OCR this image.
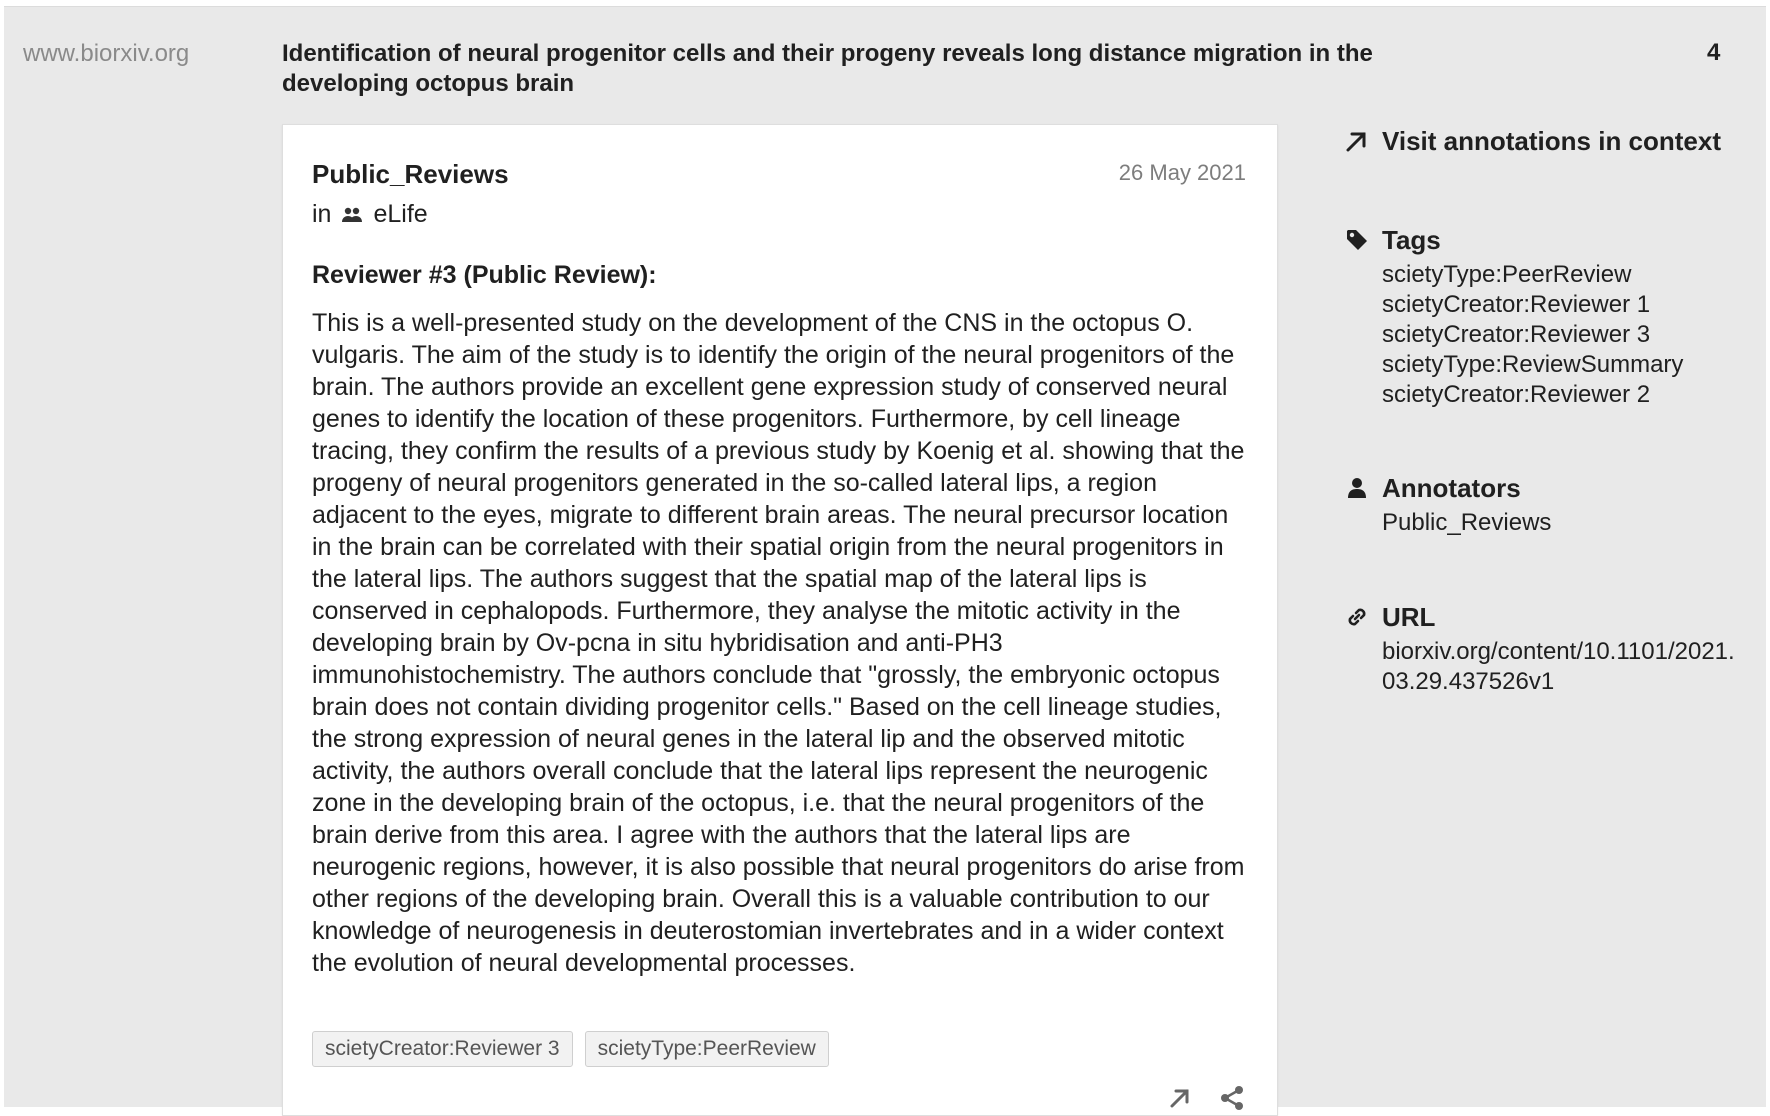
www.biorxiv.org	Identification of neural progenitor cells and their progeny reveals long distance migration in the developing octopus brain
4
Public_Reviews	26 May 2021
in eLife
Reviewer #3 (Public Review):
This is a well-presented study on the development of the CNS in the octopus O. vulgaris. The aim of the study is to identify the origin of the neural progenitors of the brain. The authors provide an excellent gene expression study of conserved neural genes to identify the location of these progenitors. Furthermore, by cell lineage tracing, they confirm the results of a previous study by Koenig et al. showing that the progeny of neural progenitors generated in the so-called lateral lips, a region adjacent to the eyes, migrate to different brain areas. The neural precursor location in the brain can be correlated with their spatial origin from the neural progenitors in the lateral lips. The authors suggest that the spatial map of the lateral lips is conserved in cephalopods. Furthermore, they analyse the mitotic activity in the developing brain by Ov-pcna in situ hybridisation and anti-PH3 immunohistochemistry. The authors conclude that "grossly, the embryonic octopus brain does not contain dividing progenitor cells." Based on the cell lineage studies, the strong expression of neural genes in the lateral lip and the observed mitotic activity, the authors overall conclude that the lateral lips represent the neurogenic zone in the developing brain of the octopus, i.e. that the neural progenitors of the brain derive from this area. I agree with the authors that the lateral lips are neurogenic regions, however, it is also possible that neural progenitors do arise from other regions of the developing brain. Overall this is a valuable contribution to our knowledge of neurogenesis in deuterostomian invertebrates and in a wider context the evolution of neural developmental processes.
scietyCreator:Reviewer 3	scietyType:PeerReview
Visit annotations in context
Tags
scietyType:PeerReview
scietyCreator:Reviewer 1
scietyCreator:Reviewer 3
scietyType:ReviewSummary
scietyCreator:Reviewer 2
Annotators
Public_Reviews
URL
biorxiv.org/content/10.1101/2021.03.29.437526v1
